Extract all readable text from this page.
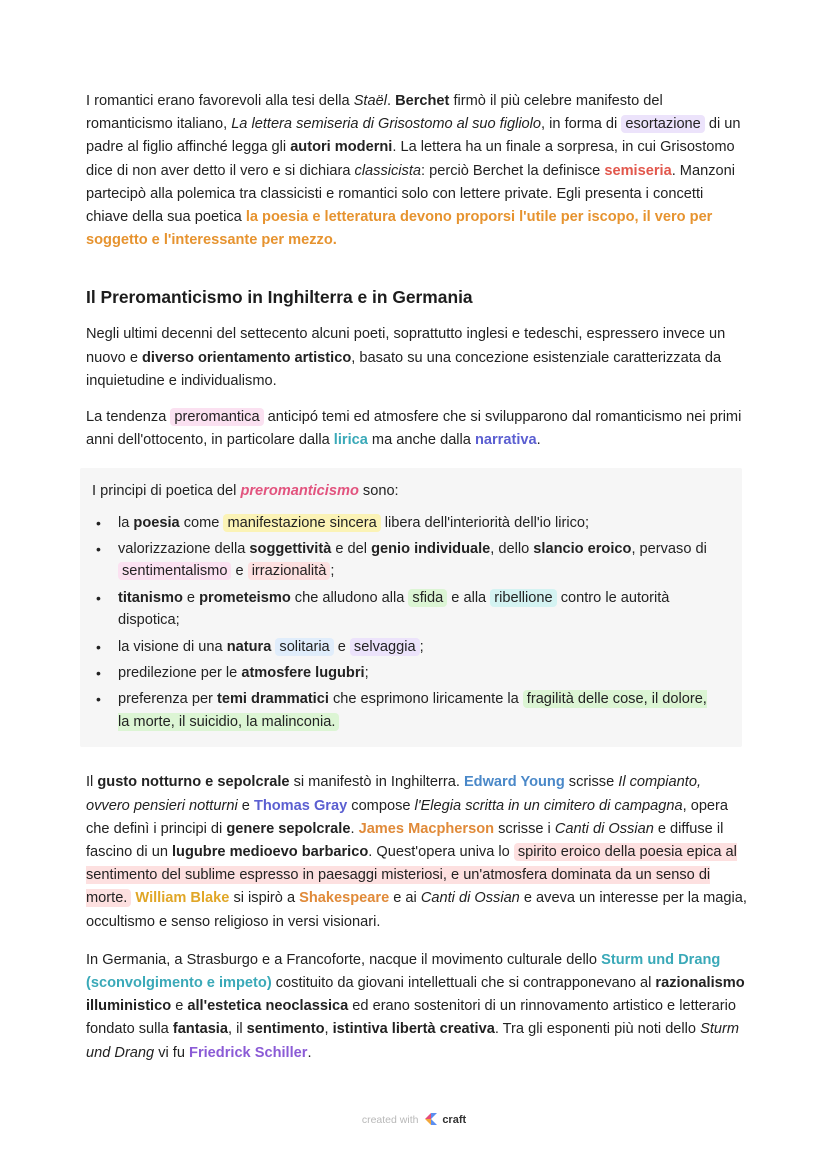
I romantici erano favorevoli alla tesi della Staël. Berchet firmò il più celebre manifesto del romanticismo italiano, La lettera semiseria di Grisostomo al suo figliolo, in forma di esortazione di un padre al figlio affinché legga gli autori moderni. La lettera ha un finale a sorpresa, in cui Grisostomo dice di non aver detto il vero e si dichiara classicista: perciò Berchet la definisce semiseria. Manzoni partecipò alla polemica tra classicisti e romantici solo con lettere private. Egli presenta i concetti chiave della sua poetica la poesia e letteratura devono proporsi l'utile per iscopo, il vero per soggetto e l'interessante per mezzo.

Il Preromanticismo in Inghilterra e in Germania

Negli ultimi decenni del settecento alcuni poeti, soprattutto inglesi e tedeschi, espressero invece un nuovo e diverso orientamento artistico, basato su una concezione esistenziale caratterizzata da inquietudine e individualismo.

La tendenza preromantica anticipó temi ed atmosfere che si svilupparono dal romanticismo nei primi anni dell'ottocento, in particolare dalla lirica ma anche dalla narrativa.

I principi di poetica del preromanticismo sono:

• la poesia come manifestazione sincera libera dell'interiorità dell'io lirico;
• valorizzazione della soggettività e del genio individuale, dello slancio eroico, pervaso di sentimentalismo e irrazionalità ;
• titanismo e prometeismo che alludono alla sfida e alla ribellione contro le autorità dispotica;
• la visione di una natura solitaria e selvaggia ;
• predilezione per le atmosfere lugubri;
• preferenza per temi drammatici che esprimono liricamente la fragilità delle cose, il dolore, la morte, il suicidio, la malinconia.

Il gusto notturno e sepolcrale si manifestò in Inghilterra. Edward Young scrisse Il compianto, ovvero pensieri notturni e Thomas Gray compose l'Elegia scritta in un cimitero di campagna, opera che definì i principi di genere sepolcrale. James Macpherson scrisse i Canti di Ossian e diffuse il fascino di un lugubre medioevo barbarico. Quest'opera univa lo spirito eroico della poesia epica al sentimento del sublime espresso in paesaggi misteriosi, e un'atmosfera dominata da un senso di morte. William Blake si ispirò a Shakespeare e ai Canti di Ossian e aveva un interesse per la magia, occultismo e senso religioso in versi visionari.

In Germania, a Strasburgo e a Francoforte, nacque il movimento culturale dello Sturm und Drang (sconvolgimento e impeto) costituito da giovani intellettuali che si contrapponevano al razionalismo illuministico e all'estetica neoclassica ed erano sostenitori di un rinnovamento artistico e letterario fondato sulla fantasia, il sentimento, istintiva libertà creativa. Tra gli esponenti più noti dello Sturm und Drang vi fu Friedrick Schiller.

created with craft
